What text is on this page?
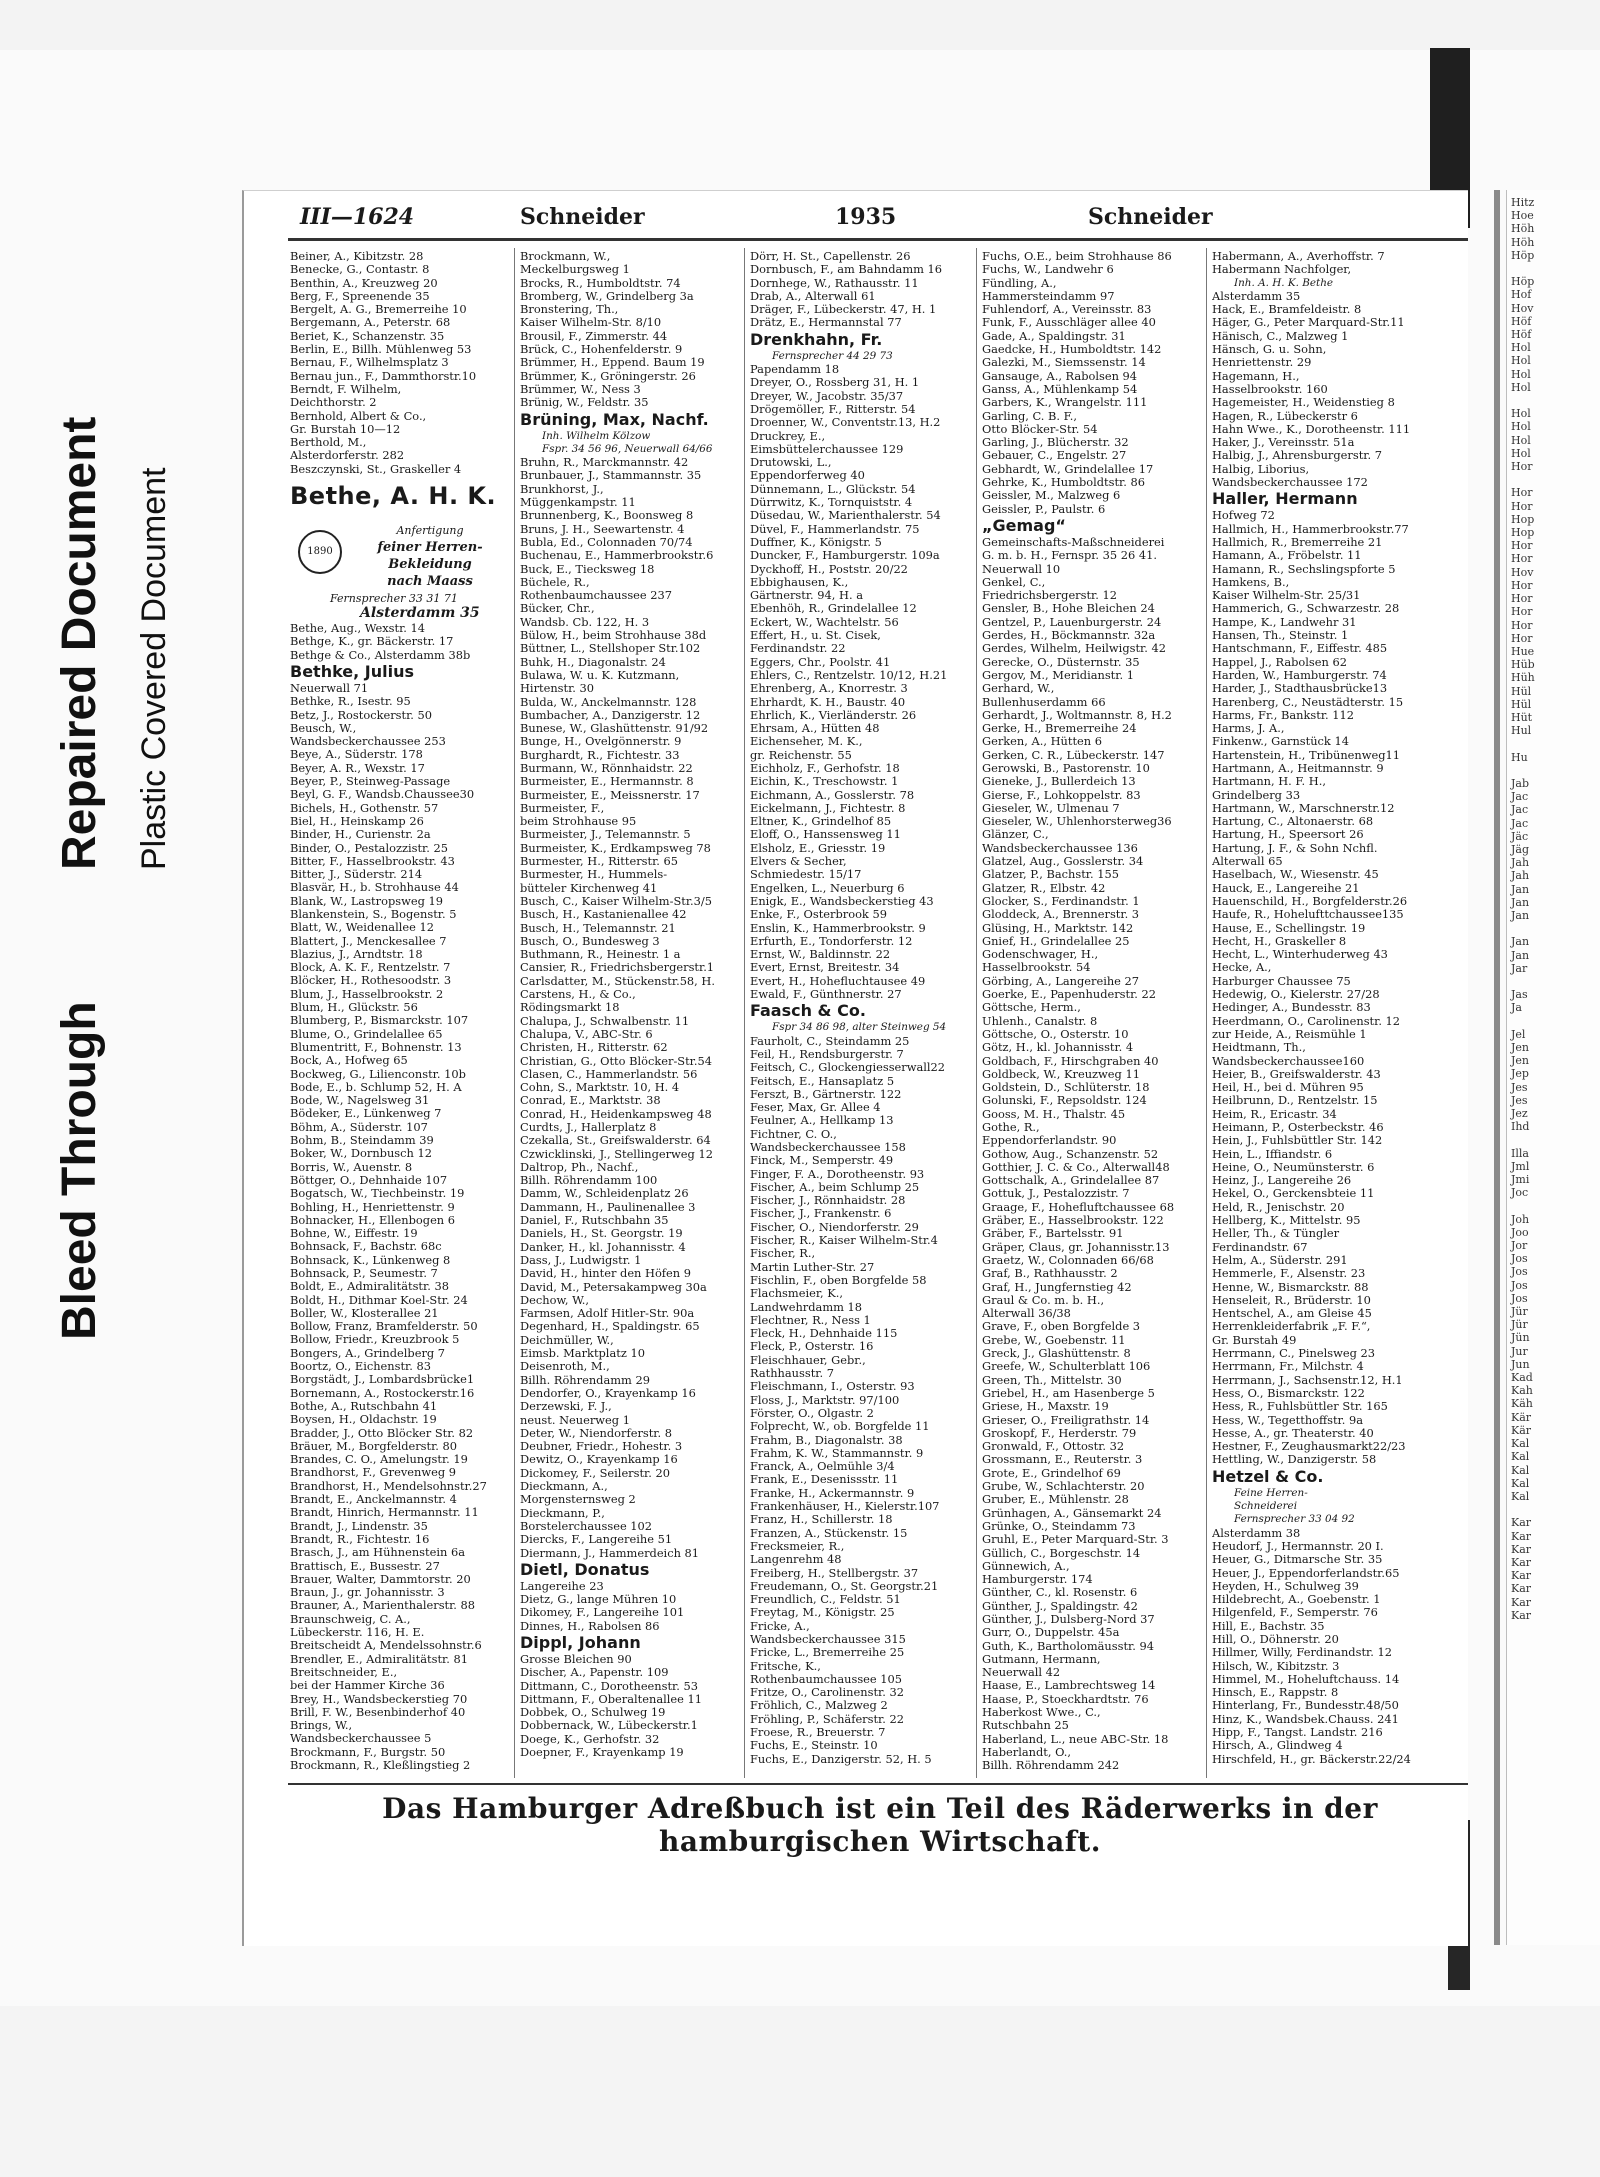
Bleed Through
Repaired Document Plastic Covered Document
Hitz
Hoe
Höh
Höh
Höp

Höp
Hof
Hov
Höf
Höf
Hol
Hol
Hol
Hol

Hol
Hol
Hol
Hol
Hor

Hor
Hor
Hop
Hop
Hor
Hor
Hov
Hor
Hor
Hor
Hor
Hor
Hue
Hüb
Hüh
Hül
Hül
Hüt
Hul

Hu

Jab
Jac
Jac
Jac
Jäc
Jäg
Jah
Jah
Jan
Jan
Jan

Jan
Jan
Jar

Jas
Ja

Jel
Jen
Jen
Jep
Jes
Jes
Jez
Ihd

Illa
Jml
Jmi
Joc

Joh
Joo
Jor
Jos
Jos
Jos
Jos
Jür
Jür
Jün
Jur
Jun
Kad
Kah
Käh
Kär
Kär
Kal
Kal
Kal
Kal
Kal

Kar
Kar
Kar
Kar
Kar
Kar
Kar
Kar
III—1624	Schneider	1935	Schneider
Beiner, A., Kibitzstr. 28
Benecke, G., Contastr. 8
Benthin, A., Kreuzweg 20
Berg, F., Spreenende 35
Bergelt, A. G., Bremerreihe 10
Bergemann, A., Peterstr. 68
Beriet, K., Schanzenstr. 35
Berlin, E., Billh. Mühlenweg 53
Bernau, F., Wilhelmsplatz 3
Bernau jun., F., Dammthorstr.10
Berndt, F. Wilhelm,
Deichthorstr. 2
Bernhold, Albert & Co.,
Gr. Burstah 10—12
Berthold, M.,
Alsterdorferstr. 282
Beszczynski, St., Graskeller 4
Bethe, A. H. K.
1890
Anfertigung
feiner Herren-
Bekleidung
nach Maass
Fernsprecher 33 31 71
Alsterdamm 35
Bethe, Aug., Wexstr. 14
Bethge, K., gr. Bäckerstr. 17
Bethge & Co., Alsterdamm 38b
Bethke, Julius
Neuerwall 71
Bethke, R., Isestr. 95
Betz, J., Rostockerstr. 50
Beusch, W.,
Wandsbeckerchaussee 253
Beye, A., Süderstr. 178
Beyer, A. R., Wexstr. 17
Beyer, P., Steinweg-Passage
Beyl, G. F., Wandsb.Chaussee30
Bichels, H., Gothenstr. 57
Biel, H., Heinskamp 26
Binder, H., Curienstr. 2a
Binder, O., Pestalozzistr. 25
Bitter, F., Hasselbrookstr. 43
Bitter, J., Süderstr. 214
Blasvär, H., b. Strohhause 44
Blank, W., Lastropsweg 19
Blankenstein, S., Bogenstr. 5
Blatt, W., Weidenallee 12
Blattert, J., Menckesallee 7
Blazius, J., Arndtstr. 18
Block, A. K. F., Rentzelstr. 7
Blöcker, H., Rothesoodstr. 3
Blum, J., Hasselbrookstr. 2
Blum, H., Glückstr. 56
Blumberg, P., Bismarckstr. 107
Blume, O., Grindelallee 65
Blumentritt, F., Bohnenstr. 13
Bock, A., Hofweg 65
Bockweg, G., Lilienconstr. 10b
Bode, E., b. Schlump 52, H. A
Bode, W., Nagelsweg 31
Bödeker, E., Lünkenweg 7
Böhm, A., Süderstr. 107
Bohm, B., Steindamm 39
Boker, W., Dornbusch 12
Borris, W., Auenstr. 8
Böttger, O., Dehnhaide 107
Bogatsch, W., Tiechbeinstr. 19
Bohling, H., Henriettenstr. 9
Bohnacker, H., Ellenbogen 6
Bohne, W., Eiffestr. 19
Bohnsack, F., Bachstr. 68c
Bohnsack, K., Lünkenweg 8
Bohnsack, P., Seumestr. 7
Boldt, E., Admiralitätstr. 38
Boldt, H., Dithmar Koel-Str. 24
Boller, W., Klosterallee 21
Bollow, Franz, Bramfelderstr. 50
Bollow, Friedr., Kreuzbrook 5
Bongers, A., Grindelberg 7
Boortz, O., Eichenstr. 83
Borgstädt, J., Lombardsbrücke1
Bornemann, A., Rostockerstr.16
Bothe, A., Rutschbahn 41
Boysen, H., Oldachstr. 19
Bradder, J., Otto Blöcker Str. 82
Bräuer, M., Borgfelderstr. 80
Brandes, C. O., Amelungstr. 19
Brandhorst, F., Grevenweg 9
Brandhorst, H., Mendelsohnstr.27
Brandt, E., Anckelmannstr. 4
Brandt, Hinrich, Hermannstr. 11
Brandt, J., Lindenstr. 35
Brandt, R., Fichtestr. 16
Brasch, J., am Hühnenstein 6a
Brattisch, E., Bussestr. 27
Brauer, Walter, Dammtorstr. 20
Braun, J., gr. Johannisstr. 3
Brauner, A., Marienthalerstr. 88
Braunschweig, C. A.,
Lübeckerstr. 116, H. E.
Breitscheidt A, Mendelssohnstr.6
Brendler, E., Admiralitätstr. 81
Breitschneider, E.,
bei der Hammer Kirche 36
Brey, H., Wandsbeckerstieg 70
Brill, F. W., Besenbinderhof 40
Brings, W.,
Wandsbeckerchaussee 5
Brockmann, F., Burgstr. 50
Brockmann, R., Kleßlingstieg 2
Brockmann, W.,
Meckelburgsweg 1
Brocks, R., Humboldtstr. 74
Bromberg, W., Grindelberg 3a
Bronstering, Th.,
Kaiser Wilhelm-Str. 8/10
Brousil, F., Zimmerstr. 44
Brück, C., Hohenfelderstr. 9
Brümmer, H., Eppend. Baum 19
Brümmer, K., Gröningerstr. 26
Brümmer, W., Ness 3
Brünig, W., Feldstr. 35
Brüning, Max, Nachf.
Inh. Wilhelm Kölzow
Fspr. 34 56 96, Neuerwall 64/66
Bruhn, R., Marckmannstr. 42
Brunbauer, J., Stammannstr. 35
Brunkhorst, J.,
Müggenkampstr. 11
Brunnenberg, K., Boonsweg 8
Bruns, J. H., Seewartenstr. 4
Bubla, Ed., Colonnaden 70/74
Buchenau, E., Hammerbrookstr.6
Buck, E., Tiecksweg 18
Büchele, R.,
Rothenbaumchaussee 237
Bücker, Chr.,
Wandsb. Cb. 122, H. 3
Bülow, H., beim Strohhause 38d
Büttner, L., Stellshoper Str.102
Buhk, H., Diagonalstr. 24
Bulawa, W. u. K. Kutzmann,
Hirtenstr. 30
Bulda, W., Anckelmannstr. 128
Bumbacher, A., Danzigerstr. 12
Bunese, W., Glashüttenstr. 91/92
Bunge, H., Ovelgönnerstr. 9
Burghardt, R., Fichtestr. 33
Burmann, W., Rönnhaidstr. 22
Burmeister, E., Hermannstr. 8
Burmeister, E., Meissnerstr. 17
Burmeister, F.,
beim Strohhause 95
Burmeister, J., Telemannstr. 5
Burmeister, K., Erdkampsweg 78
Burmester, H., Ritterstr. 65
Burmester, H., Hummels-
bütteler Kirchenweg 41
Busch, C., Kaiser Wilhelm-Str.3/5
Busch, H., Kastanienallee 42
Busch, H., Telemannstr. 21
Busch, O., Bundesweg 3
Buthmann, R., Heinestr. 1 a
Cansier, R., Friedrichsbergerstr.1
Carlsdatter, M., Stückenstr.58, H.
Carstens, H., & Co.,
Rödingsmarkt 18
Chalupa, J., Schwalbenstr. 11
Chalupa, V., ABC-Str. 6
Christen, H., Ritterstr. 62
Christian, G., Otto Blöcker-Str.54
Clasen, C., Hammerlandstr. 56
Cohn, S., Marktstr. 10, H. 4
Conrad, E., Marktstr. 38
Conrad, H., Heidenkampsweg 48
Curdts, J., Hallerplatz 8
Czekalla, St., Greifswalderstr. 64
Czwicklinski, J., Stellingerweg 12
Daltrop, Ph., Nachf.,
Billh. Röhrendamm 100
Damm, W., Schleidenplatz 26
Dammann, H., Paulinenallee 3
Daniel, F., Rutschbahn 35
Daniels, H., St. Georgstr. 19
Danker, H., kl. Johannisstr. 4
Dass, J., Ludwigstr. 1
David, H., hinter den Höfen 9
David, M., Petersakampweg 30a
Dechow, W.,
Farmsen, Adolf Hitler-Str. 90a
Degenhard, H., Spaldingstr. 65
Deichmüller, W.,
Eimsb. Marktplatz 10
Deisenroth, M.,
Billh. Röhrendamm 29
Dendorfer, O., Krayenkamp 16
Derzewski, F. J.,
neust. Neuerweg 1
Deter, W., Niendorferstr. 8
Deubner, Friedr., Hohestr. 3
Dewitz, O., Krayenkamp 16
Dickomey, F., Seilerstr. 20
Dieckmann, A.,
Morgensternsweg 2
Dieckmann, P.,
Borstelerchaussee 102
Diercks, F., Langereihe 51
Diermann, J., Hammerdeich 81
Dietl, Donatus
Langereihe 23
Dietz, G., lange Mühren 10
Dikomey, F., Langereihe 101
Dinnes, H., Rabolsen 86
Dippl, Johann
Grosse Bleichen 90
Discher, A., Papenstr. 109
Dittmann, C., Dorotheenstr. 53
Dittmann, F., Oberaltenallee 11
Dobbek, O., Schulweg 19
Dobbernack, W., Lübeckerstr.1
Doege, K., Gerhofstr. 32
Doepner, F., Krayenkamp 19
Dörr, H. St., Capellenstr. 26
Dornbusch, F., am Bahndamm 16
Dornhege, W., Rathausstr. 11
Drab, A., Alterwall 61
Dräger, F., Lübeckerstr. 47, H. 1
Drätz, E., Hermannstal 77
Drenkhahn, Fr.
Fernsprecher 44 29 73
Papendamm 18
Dreyer, O., Rossberg 31, H. 1
Dreyer, W., Jacobstr. 35/37
Drögemöller, F., Ritterstr. 54
Droenner, W., Conventstr.13, H.2
Druckrey, E.,
Eimsbüttelerchaussee 129
Drutowski, L.,
Eppendorferweg 40
Dünnemann, L., Glückstr. 54
Dürrwitz, K., Tornquiststr. 4
Düsedau, W., Marienthalerstr. 54
Düvel, F., Hammerlandstr. 75
Duffner, K., Königstr. 5
Duncker, F., Hamburgerstr. 109a
Dyckhoff, H., Poststr. 20/22
Ebbighausen, K.,
Gärtnerstr. 94, H. a
Ebenhöh, R., Grindelallee 12
Eckert, W., Wachtelstr. 56
Effert, H., u. St. Cisek,
Ferdinandstr. 22
Eggers, Chr., Poolstr. 41
Ehlers, C., Rentzelstr. 10/12, H.21
Ehrenberg, A., Knorrestr. 3
Ehrhardt, K. H., Baustr. 40
Ehrlich, K., Vierländerstr. 26
Ehrsam, A., Hütten 48
Eichenseher, M. K.,
gr. Reichenstr. 55
Eichholz, F., Gerhofstr. 18
Eichin, K., Treschowstr. 1
Eichmann, A., Gosslerstr. 78
Eickelmann, J., Fichtestr. 8
Eltner, K., Grindelhof 85
Eloff, O., Hanssensweg 11
Elsholz, E., Griesstr. 19
Elvers & Secher,
Schmiedestr. 15/17
Engelken, L., Neuerburg 6
Enigk, E., Wandsbeckerstieg 43
Enke, F., Osterbrook 59
Enslin, K., Hammerbrookstr. 9
Erfurth, E., Tondorferstr. 12
Ernst, W., Baldinnstr. 22
Evert, Ernst, Breitestr. 34
Evert, H., Hohefluchtausee 49
Ewald, F., Günthnerstr. 27
Faasch & Co.
Fspr 34 86 98, alter Steinweg 54
Faurholt, C., Steindamm 25
Feil, H., Rendsburgerstr. 7
Feitsch, C., Glockengiesserwall22
Feitsch, E., Hansaplatz 5
Ferszt, B., Gärtnerstr. 122
Feser, Max, Gr. Allee 4
Feulner, A., Hellkamp 13
Fichtner, C. O.,
Wandsbeckerchaussee 158
Finck, M., Semperstr. 49
Finger, F. A., Dorotheenstr. 93
Fischer, A., beim Schlump 25
Fischer, J., Rönnhaidstr. 28
Fischer, J., Frankenstr. 6
Fischer, O., Niendorferstr. 29
Fischer, R., Kaiser Wilhelm-Str.4
Fischer, R.,
Martin Luther-Str. 27
Fischlin, F., oben Borgfelde 58
Flachsmeier, K.,
Landwehrdamm 18
Flechtner, R., Ness 1
Fleck, H., Dehnhaide 115
Fleck, P., Osterstr. 16
Fleischhauer, Gebr.,
Rathhausstr. 7
Fleischmann, I., Osterstr. 93
Floss, J., Marktstr. 97/100
Förster, O., Olgastr. 2
Folprecht, W., ob. Borgfelde 11
Frahm, B., Diagonalstr. 38
Frahm, K. W., Stammannstr. 9
Franck, A., Oelmühle 3/4
Frank, E., Desenissstr. 11
Franke, H., Ackermannstr. 9
Frankenhäuser, H., Kielerstr.107
Franz, H., Schillerstr. 18
Franzen, A., Stückenstr. 15
Frecksmeier, R.,
Langenrehm 48
Freiberg, H., Stellbergstr. 37
Freudemann, O., St. Georgstr.21
Freundlich, C., Feldstr. 51
Freytag, M., Königstr. 25
Fricke, A.,
Wandsbeckerchaussee 315
Fricke, L., Bremerreihe 25
Fritsche, K.,
Rothenbaumchaussee 105
Fritze, O., Carolinenstr. 32
Fröhlich, C., Malzweg 2
Fröhling, P., Schäferstr. 22
Froese, R., Breuerstr. 7
Fuchs, E., Steinstr. 10
Fuchs, E., Danzigerstr. 52, H. 5
Fuchs, O.E., beim Strohhause 86
Fuchs, W., Landwehr 6
Fündling, A.,
Hammersteindamm 97
Fuhlendorf, A., Vereinsstr. 83
Funk, F., Ausschläger allee 40
Gade, A., Spaldingstr. 31
Gaedcke, H., Humboldtstr. 142
Galezki, M., Siemssenstr. 14
Gansauge, A., Rabolsen 94
Ganss, A., Mühlenkamp 54
Garbers, K., Wrangelstr. 111
Garling, C. B. F.,
Otto Blöcker-Str. 54
Garling, J., Blücherstr. 32
Gebauer, C., Engelstr. 27
Gebhardt, W., Grindelallee 17
Gehrke, K., Humboldtstr. 86
Geissler, M., Malzweg 6
Geissler, P., Paulstr. 6
„Gemag“
Gemeinschafts-Maßschneiderei
G. m. b. H., Fernspr. 35 26 41.
Neuerwall 10
Genkel, C.,
Friedrichsbergerstr. 12
Gensler, B., Hohe Bleichen 24
Gentzel, P., Lauenburgerstr. 24
Gerdes, H., Böckmannstr. 32a
Gerdes, Wilhelm, Heilwigstr. 42
Gerecke, O., Düsternstr. 35
Gergov, M., Meridianstr. 1
Gerhard, W.,
Bullenhuserdamm 66
Gerhardt, J., Woltmannstr. 8, H.2
Gerke, H., Bremerreihe 24
Gerken, A., Hütten 6
Gerken, C. R., Lübeckerstr. 147
Gerowski, B., Pastorenstr. 10
Gieneke, J., Bullerdeich 13
Gierse, F., Lohkoppelstr. 83
Gieseler, W., Ulmenau 7
Gieseler, W., Uhlenhorsterweg36
Glänzer, C.,
Wandsbeckerchaussee 136
Glatzel, Aug., Gosslerstr. 34
Glatzer, P., Bachstr. 155
Glatzer, R., Elbstr. 42
Glocker, S., Ferdinandstr. 1
Gloddeck, A., Brennerstr. 3
Glüsing, H., Marktstr. 142
Gnief, H., Grindelallee 25
Godenschwager, H.,
Hasselbrookstr. 54
Görbing, A., Langereihe 27
Goerke, E., Papenhuderstr. 22
Göttsche, Herm.,
Uhlenh., Canalstr. 8
Göttsche, O., Osterstr. 10
Götz, H., kl. Johannisstr. 4
Goldbach, F., Hirschgraben 40
Goldbeck, W., Kreuzweg 11
Goldstein, D., Schlüterstr. 18
Golunski, F., Repsoldstr. 124
Gooss, M. H., Thalstr. 45
Gothe, R.,
Eppendorferlandstr. 90
Gothow, Aug., Schanzenstr. 52
Gotthier, J. C. & Co., Alterwall48
Gottschalk, A., Grindelallee 87
Gottuk, J., Pestalozzistr. 7
Graage, F., Hohefluftchaussee 68
Gräber, E., Hasselbrookstr. 122
Gräber, F., Bartelsstr. 91
Gräper, Claus, gr. Johannisstr.13
Graetz, W., Colonnaden 66/68
Graf, B., Rathhausstr. 2
Graf, H., Jungfernstieg 42
Graul & Co. m. b. H.,
Alterwall 36/38
Grave, F., oben Borgfelde 3
Grebe, W., Goebenstr. 11
Greck, J., Glashüttenstr. 8
Greefe, W., Schulterblatt 106
Green, Th., Mittelstr. 30
Griebel, H., am Hasenberge 5
Griese, H., Maxstr. 19
Grieser, O., Freiligrathstr. 14
Groskopf, F., Herderstr. 79
Gronwald, F., Ottostr. 32
Grossmann, E., Reuterstr. 3
Grote, E., Grindelhof 69
Grube, W., Schlachterstr. 20
Gruber, E., Mühlenstr. 28
Grünhagen, A., Gänsemarkt 24
Grünke, O., Steindamm 73
Gruhl, E., Peter Marquard-Str. 3
Güllich, C., Borgeschstr. 14
Günnewich, A.,
Hamburgerstr. 174
Günther, C., kl. Rosenstr. 6
Günther, J., Spaldingstr. 42
Günther, J., Dulsberg-Nord 37
Gurr, O., Duppelstr. 45a
Guth, K., Bartholomäusstr. 94
Gutmann, Hermann,
Neuerwall 42
Haase, E., Lambrechtsweg 14
Haase, P., Stoeckhardtstr. 76
Haberkost Wwe., C.,
Rutschbahn 25
Haberland, L., neue ABC-Str. 18
Haberlandt, O.,
Billh. Röhrendamm 242
Habermann, A., Averhoffstr. 7
Habermann Nachfolger,
Inh. A. H. K. Bethe
Alsterdamm 35
Hack, E., Bramfeldeistr. 8
Häger, G., Peter Marquard-Str.11
Hänisch, C., Malzweg 1
Hänsch, G. u. Sohn,
Henriettenstr. 29
Hagemann, H.,
Hasselbrookstr. 160
Hagemeister, H., Weidenstieg 8
Hagen, R., Lübeckerstr 6
Hahn Wwe., K., Dorotheenstr. 111
Haker, J., Vereinsstr. 51a
Halbig, J., Ahrensburgerstr. 7
Halbig, Liborius,
Wandsbeckerchaussee 172
Haller, Hermann
Hofweg 72
Hallmich, H., Hammerbrookstr.77
Hallmich, R., Bremerreihe 21
Hamann, A., Fröbelstr. 11
Hamann, R., Sechslingspforte 5
Hamkens, B.,
Kaiser Wilhelm-Str. 25/31
Hammerich, G., Schwarzestr. 28
Hampe, K., Landwehr 31
Hansen, Th., Steinstr. 1
Hantschmann, F., Eiffestr. 485
Happel, J., Rabolsen 62
Harden, W., Hamburgerstr. 74
Harder, J., Stadthausbrücke13
Harenberg, C., Neustädterstr. 15
Harms, Fr., Bankstr. 112
Harms, J. A.,
Finkenw., Garnstück 14
Hartenstein, H., Tribünenweg11
Hartmann, A., Heitmannstr. 9
Hartmann, H. F. H.,
Grindelberg 33
Hartmann, W., Marschnerstr.12
Hartung, C., Altonaerstr. 68
Hartung, H., Speersort 26
Hartung, J. F., & Sohn Nchfl.
Alterwall 65
Haselbach, W., Wiesenstr. 45
Hauck, E., Langereihe 21
Hauenschild, H., Borgfelderstr.26
Haufe, R., Hohelufttchaussee135
Hause, E., Schellingstr. 19
Hecht, H., Graskeller 8
Hecht, L., Winterhuderweg 43
Hecke, A.,
Harburger Chaussee 75
Hedewig, O., Kielerstr. 27/28
Hedinger, A., Bundesstr. 83
Heerdmann, O., Carolinenstr. 12
zur Heide, A., Reismühle 1
Heidtmann, Th.,
Wandsbeckerchaussee160
Heier, B., Greifswalderstr. 43
Heil, H., bei d. Mühren 95
Heilbrunn, D., Rentzelstr. 15
Heim, R., Ericastr. 34
Heimann, P., Osterbeckstr. 46
Hein, J., Fuhlsbüttler Str. 142
Hein, L., Iffiandstr. 6
Heine, O., Neumünsterstr. 6
Heinz, J., Langereihe 26
Hekel, O., Gerckensbteie 11
Held, R., Jenischstr. 20
Hellberg, K., Mittelstr. 95
Heller, Th., & Tüngler
Ferdinandstr. 67
Helm, A., Süderstr. 291
Hemmerle, F., Alsenstr. 23
Henne, W., Bismarckstr. 88
Henseleit, R., Brüderstr. 10
Hentschel, A., am Gleise 45
Herrenkleiderfabrik „F. F.“,
Gr. Burstah 49
Herrmann, C., Pinelsweg 23
Herrmann, Fr., Milchstr. 4
Herrmann, J., Sachsenstr.12, H.1
Hess, O., Bismarckstr. 122
Hess, R., Fuhlsbüttler Str. 165
Hess, W., Tegetthoffstr. 9a
Hesse, A., gr. Theaterstr. 40
Hestner, F., Zeughausmarkt22/23
Hettling, W., Danzigerstr. 58
Hetzel & Co.
Feine Herren-
Schneiderei
Fernsprecher 33 04 92
Alsterdamm 38
Heudorf, J., Hermannstr. 20 I.
Heuer, G., Ditmarsche Str. 35
Heuer, J., Eppendorferlandstr.65
Heyden, H., Schulweg 39
Hildebrecht, A., Goebenstr. 1
Hilgenfeld, F., Semperstr. 76
Hill, E., Bachstr. 35
Hill, O., Döhnerstr. 20
Hillmer, Willy, Ferdinandstr. 12
Hilsch, W., Kibitzstr. 3
Himmel, M., Hoheluftchauss. 14
Hinsch, E., Rappstr. 8
Hinterlang, Fr., Bundesstr.48/50
Hinz, K., Wandsbek.Chauss. 241
Hipp, F., Tangst. Landstr. 216
Hirsch, A., Glindweg 4
Hirschfeld, H., gr. Bäckerstr.22/24
Das Hamburger Adreßbuch ist ein Teil des Räderwerks in der hamburgischen Wirtschaft.
